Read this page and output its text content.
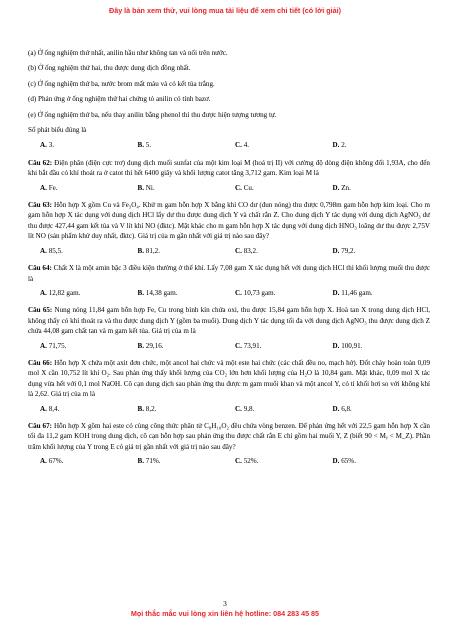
Đây là bản xem thử, vui lòng mua tài liệu để xem chi tiết (có lời giải)

(a) Ở ống nghiệm thứ nhất, anilin hầu như không tan và nổi trên nước.

(b) Ở ống nghiệm thứ hai, thu được dung dịch đồng nhất.

(c) Ở ống nghiệm thứ ba, nước brom mất màu và có kết tủa trắng.

(d) Phản ứng ở ống nghiệm thứ hai chứng tỏ anilin có tính bazơ.

(e) Ở ống nghiệm thứ ba, nếu thay anilin bằng phenol thì thu được hiện tượng tương tự.

Số phát biểu đúng là

A. 3.	B. 5.	C. 4.	D. 2.

Câu 62: Điện phân (điện cực trơ) dung dịch muối sunfat của một kim loại M (hoá trị II) với cường độ dòng điện không đổi 1,93A, cho đến khi bắt đầu có khí thoát ra ở catot thì hết 6400 giây và khối lượng catot tăng 3,712 gam. Kim loại M là

A. Fe.	B. Ni.	C. Cu.	D. Zn.

Câu 63: Hỗn hợp X gồm Cu và Fe₃O₄. Khử m gam hỗn hợp X bằng khí CO dư (đun nóng) thu được 0,798m gam hỗn hợp kim loại. Cho m gam hỗn hợp X tác dụng với dung dịch HCl lấy dư thu được dung dịch Y và chất rắn Z. Cho dung dịch Y tác dụng với dung dịch AgNO₃ dư thu được 427,44 gam kết tủa và V lít khí NO (đktc). Mặt khác cho m gam hỗn hợp X tác dụng với dung dịch HNO₃ loãng dư thu được 2,75V lít NO (sản phẩm khử duy nhất, đktc). Giá trị của m gần nhất với giá trị nào sau đây?

A. 85,5.	B. 81,2.	C. 83,2.	D. 79,2.

Câu 64: Chất X là một amin bậc 3 điều kiện thường ở thể khí. Lấy 7,08 gam X tác dụng hết với dung dịch HCl thì khối lượng muối thu được là

A. 12,82 gam.	B. 14,38 gam.	C. 10,73 gam.	D. 11,46 gam.

Câu 65: Nung nóng 11,84 gam hỗn hợp Fe, Cu trong bình kín chứa oxi, thu được 15,84 gam hỗn hợp X. Hoà tan X trong dung dịch HCl, không thấy có khí thoát ra và thu được dung dịch Y (gồm ba muối). Dung dịch Y tác dụng tối đa với dung dịch AgNO₃ thu được dung dịch Z chứa 44,08 gam chất tan và m gam kết tủa. Giá trị của m là

A. 71,75.	B. 29,16.	C. 73,91.	D. 100,91.

Câu 66: Hỗn hợp X chứa một axit đơn chức, một ancol hai chức và một este hai chức (các chất đều no, mạch hở). Đốt cháy hoàn toàn 0,09 mol X cần 10,752 lít khí O₂. Sau phản ứng thấy khối lượng của CO₂ lớn hơn khối lượng của H₂O là 10,84 gam. Mặt khác, 0,09 mol X tác dụng vừa hết với 0,1 mol NaOH. Cô cạn dung dịch sau phản ứng thu được m gam muối khan và một ancol Y, có tỉ khối hơi so với không khí là 2,62. Giá trị của m là

A. 8,4.	B. 8,2.	C. 9,8.	D. 6,8.

Câu 67: Hỗn hợp X gồm hai este có cùng công thức phân tử C₈H₁₀O₂ đều chứa vòng benzen. Để phản ứng hết với 22,5 gam hỗn hợp X cần tối đa 11,2 gam KOH trong dung dịch, cô cạn hỗn hợp sau phản ứng thu được chất rắn E chỉ gồm hai muối Y, Z (biết 90 < Mᵧ < M_Z). Phần trăm khối lượng của Y trong E có giá trị gần nhất với giá trị nào sau đây?

A. 67%.	B. 71%.	C. 52%.	D. 65%.
3
Mọi thắc mắc vui lòng xin liên hệ hotline: 084 283 45 85
